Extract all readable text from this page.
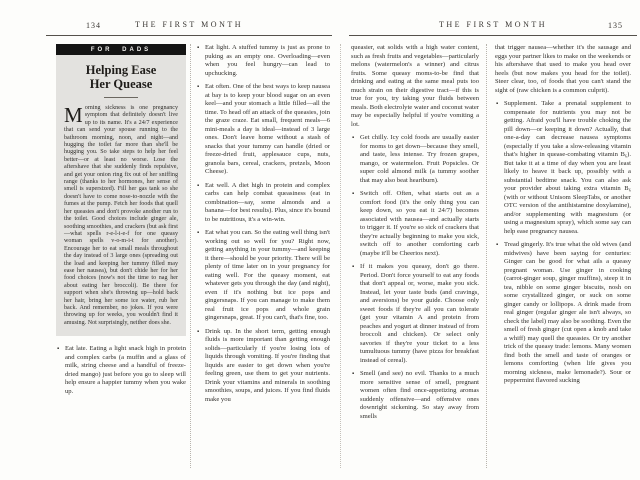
134	THE FIRST MONTH
FOR DADS
Helping Ease
Her Quease

Morning sickness is one pregnancy symptom that definitely doesn't live up to its name. It's a 24/7 experience that can send your spouse running to the bathroom morning, noon, and night—and hugging the toilet far more than she'll be hugging you. So take steps to help her feel better—or at least no worse. Lose the aftershave that she suddenly finds repulsive, and get your onion ring fix out of her sniffing range (thanks to her hormones, her sense of smell is supersized). Fill her gas tank so she doesn't have to come nose-to-nozzle with the fumes at the pump. Fetch her foods that quell her queasies and don't provoke another run to the toilet. Good choices include ginger ale, soothing smoothies, and crackers (but ask first—what spells r-e-l-i-e-f for one queasy woman spells v-o-m-i-t for another). Encourage her to eat small meals throughout the day instead of 3 large ones (spreading out the load and keeping her tummy filled may ease her nausea), but don't chide her for her food choices (now's not the time to nag her about eating her broccoli). Be there for support when she's throwing up—hold back her hair, bring her some ice water, rub her back. And remember, no jokes. If you were throwing up for weeks, you wouldn't find it amusing. Not surprisingly, neither does she.

▪ Eat late. Eating a light snack high in protein and complex carbs (a muffin and a glass of milk, string cheese and a handful of freeze-dried mango) just before you go to sleep will help ensure a happier tummy when you wake up.
▪ Eat light. A stuffed tummy is just as prone to puking as an empty one. Overloading—even when you feel hungry—can lead to upchucking.
▪ Eat often. One of the best ways to keep nausea at bay is to keep your blood sugar on an even keel—and your stomach a little filled—all the time. To head off an attack of the queasies, join the graze craze. Eat small, frequent meals—6 mini-meals a day is ideal—instead of 3 large ones. Don't leave home without a stash of snacks that your tummy can handle (dried or freeze-dried fruit, applesauce cups, nuts, granola bars, cereal, crackers, pretzels, Moon Cheese).
▪ Eat well. A diet high in protein and complex carbs can help combat queasiness (eat in combination—say, some almonds and a banana—for best results). Plus, since it's bound to be nutritious, it's a win-win.
▪ Eat what you can. So the eating well thing isn't working out so well for you? Right now, getting anything in your tummy—and keeping it there—should be your priority. There will be plenty of time later on in your pregnancy for eating well. For the queasy moment, eat whatever gets you through the day (and night), even if it's nothing but ice pops and gingersnaps. If you can manage to make them real fruit ice pops and whole grain gingersnaps, great. If you can't, that's fine, too.
▪ Drink up. In the short term, getting enough fluids is more important than getting enough solids—particularly if you're losing lots of liquids through vomiting. If you're finding that liquids are easier to get down when you're feeling green, use them to get your nutrients. Drink your vitamins and minerals in soothing smoothies, soups, and juices. If you find fluids make you
135
THE FIRST MONTH
queasier, eat solids with a high water content, such as fresh fruits and vegetables—particularly melons (watermelon's a winner) and citrus fruits. Some queasy moms-to-be find that drinking and eating at the same meal puts too much strain on their digestive tract—if this is true for you, try taking your fluids between meals. Both electrolyte water and coconut water may be especially helpful if you're vomiting a lot.
▪ Get chilly. Icy cold foods are usually easier for moms to get down—because they smell, and taste, less intense. Try frozen grapes, mango, or watermelon. Fruit Popsicles. Or super cold almond milk (a tummy soother that may also beat heartburn).
▪ Switch off. Often, what starts out as a comfort food (it's the only thing you can keep down, so you eat it 24/7) becomes associated with nausea—and actually starts to trigger it. If you're so sick of crackers that they're actually beginning to make you sick, switch off to another comforting carb (maybe it'll be Cheerios next).
▪ If it makes you queasy, don't go there. Period. Don't force yourself to eat any foods that don't appeal or, worse, make you sick. Instead, let your taste buds (and cravings, and aversions) be your guide. Choose only sweet foods if they're all you can tolerate (get your vitamin A and protein from peaches and yogurt at dinner instead of from broccoli and chicken). Or select only savories if they're your ticket to a less tumultuous tummy (have pizza for breakfast instead of cereal).
▪ Smell (and see) no evil. Thanks to a much more sensitive sense of smell, pregnant women often find once-appetizing aromas suddenly offensive—and offensive ones downright sickening. So stay away from smells
that trigger nausea—whether it's the sausage and eggs your partner likes to make on the weekends or his aftershave that used to make you head over heels (but now makes you head for the toilet). Steer clear, too, of foods that you can't stand the sight of (raw chicken is a common culprit).
▪ Supplement. Take a prenatal supplement to compensate for nutrients you may not be getting. Afraid you'll have trouble choking the pill down—or keeping it down? Actually, that one-a-day can decrease nausea symptoms (especially if you take a slow-releasing vitamin that's higher in quease-combating vitamin B₆). But take it at a time of day when you are least likely to heave it back up, possibly with a substantial bedtime snack. You can also ask your provider about taking extra vitamin B₆ (with or without Unisom SleepTabs, or another OTC version of the antihistamine doxylamine), and/or supplementing with magnesium (or using a magnesium spray), which some say can help ease pregnancy nausea.
▪ Tread gingerly. It's true what the old wives (and midwives) have been saying for centuries: Ginger can be good for what ails a queasy pregnant woman. Use ginger in cooking (carrot-ginger soup, ginger muffins), steep it in tea, nibble on some ginger biscuits, nosh on some crystallized ginger, or suck on some ginger candy or lollipops. A drink made from real ginger (regular ginger ale isn't always, so check the label) may also be soothing. Even the smell of fresh ginger (cut open a knob and take a whiff) may quell the queasies. Or try another trick of the queasy trade: lemons. Many women find both the smell and taste of oranges or lemons comforting (when life gives you morning sickness, make lemonade?). Sour or peppermint flavored sucking
